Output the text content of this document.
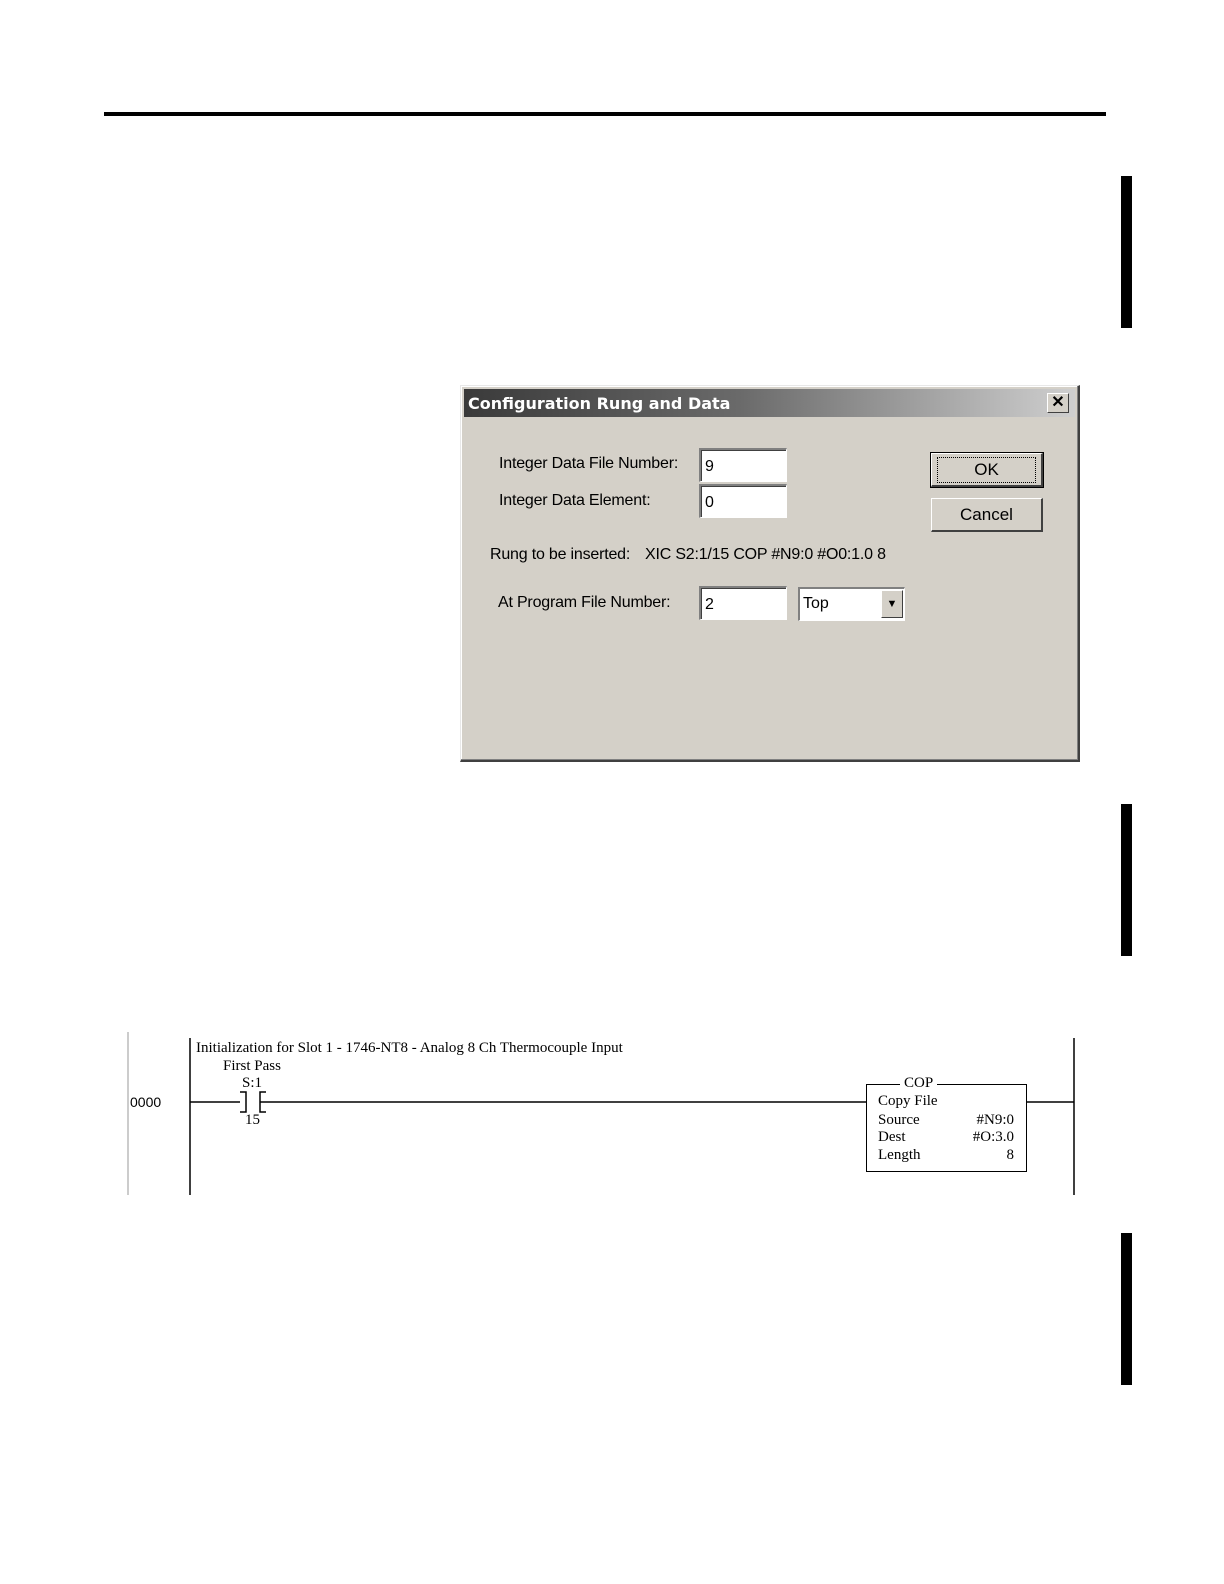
Configuration Rung and Data	✕
Integer Data File Number:
9
Integer Data Element:
0
Rung to be inserted: XIC S2:1/15 COP #N9:0 #O0:1.0 8
At Program File Number:
2	Top	▼
OK
Cancel
0000
Initialization for Slot 1 - 1746-NT8 - Analog 8 Ch Thermocouple Input
First Pass
S:1
15
COP
Copy File
Source	#N9:0
Dest	#O:3.0
Length	8
